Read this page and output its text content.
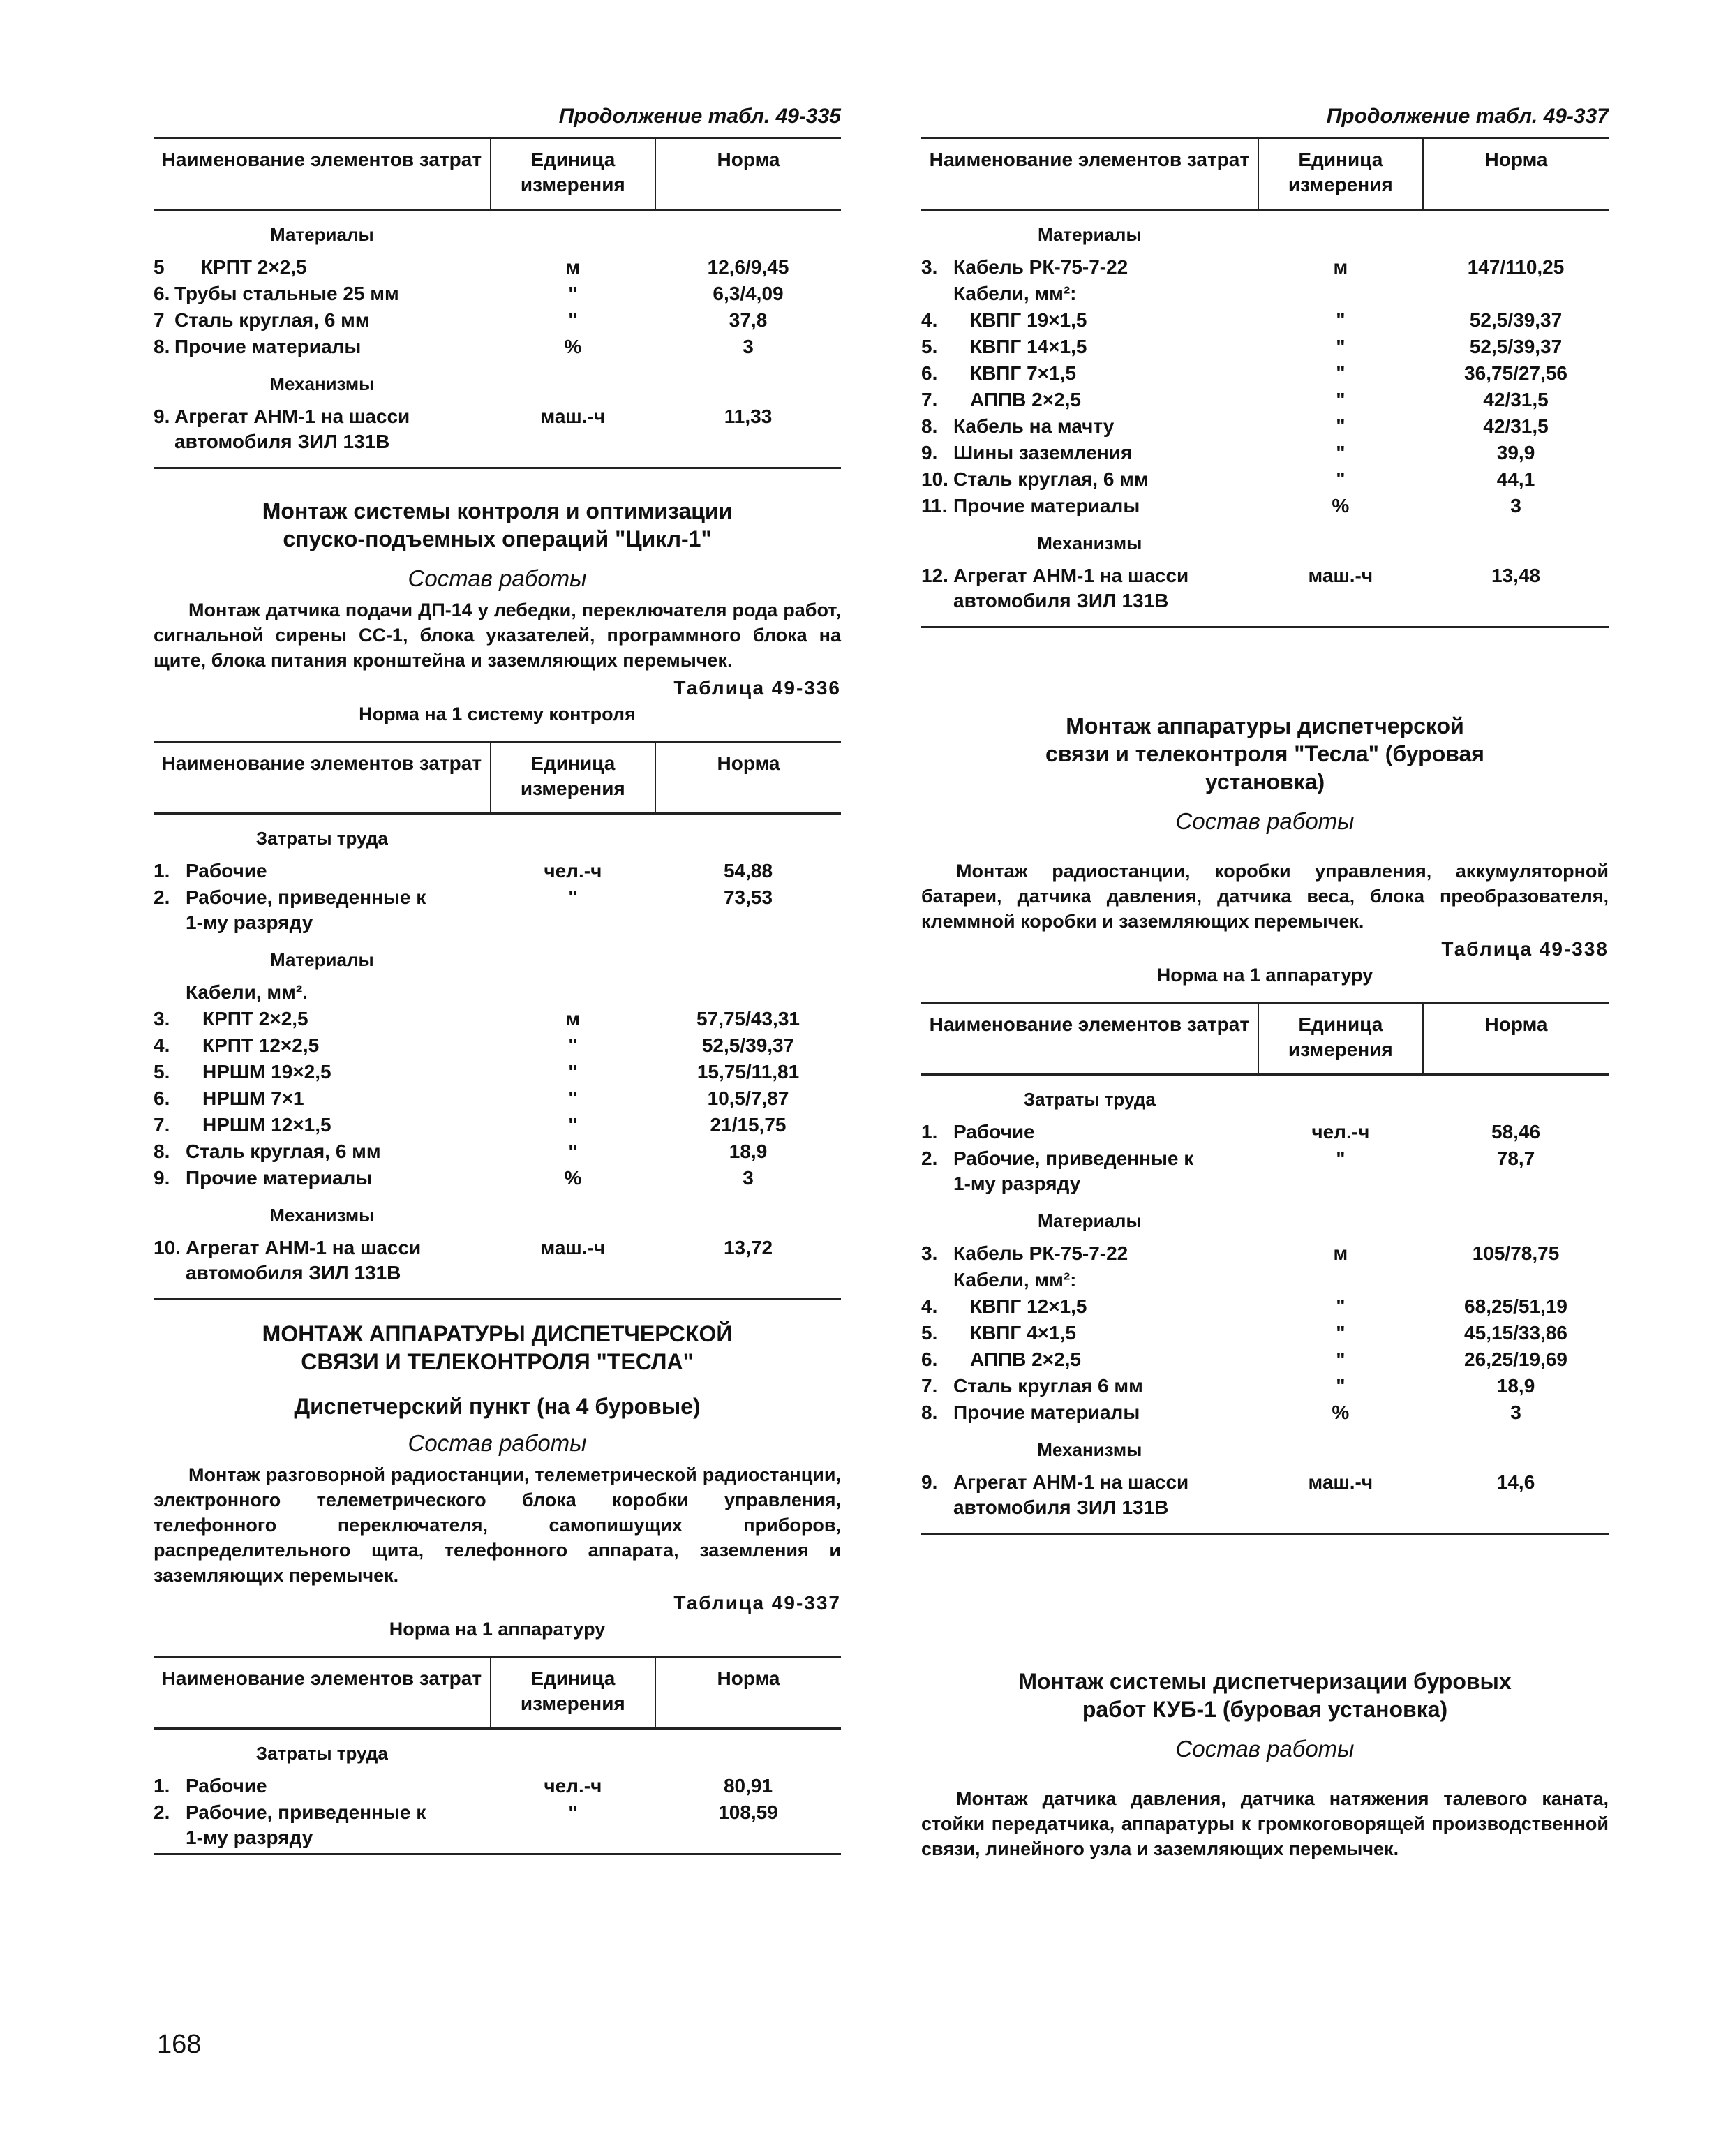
Продолжение табл. 49-335
Наименование элементов затрат	Единица измерения	Норма
Материалы		
5 КРПТ 2×2,5	м	12,6/9,45
6. Трубы стальные 25 мм	"	6,3/4,09
7 Сталь круглая, 6 мм	"	37,8
8. Прочие материалы	%	3
Механизмы		
9. Агрегат АНМ-1 на шасси
автомобиля ЗИЛ 131В	маш.-ч	11,33
Монтаж системы контроля и оптимизации спуско-подъемных операций "Цикл-1"
Состав работы
Монтаж датчика подачи ДП-14 у лебедки, переключателя рода работ, сигнальной сирены СС-1, блока указателей, программного блока на щите, блока питания кронштейна и заземляющих перемычек.
Таблица 49-336
Норма на 1 систему контроля
Наименование элементов затрат	Единица измерения	Норма
Затраты труда		
1. Рабочие	чел.-ч	54,88
2. Рабочие, приведенные к
1-му разряду	"	73,53
Материалы		
Кабели, мм².		
3. КРПТ 2×2,5	м	57,75/43,31
4. КРПТ 12×2,5	"	52,5/39,37
5. НРШМ 19×2,5	"	15,75/11,81
6. НРШМ 7×1	"	10,5/7,87
7. НРШМ 12×1,5	"	21/15,75
8. Сталь круглая, 6 мм	"	18,9
9. Прочие материалы	%	3
Механизмы		
10. Агрегат АНМ-1 на шасси
автомобиля ЗИЛ 131В	маш.-ч	13,72
МОНТАЖ АППАРАТУРЫ ДИСПЕТЧЕРСКОЙ СВЯЗИ И ТЕЛЕКОНТРОЛЯ "ТЕСЛА"
Диспетчерский пункт (на 4 буровые)
Состав работы
Монтаж разговорной радиостанции, телеметрической радиостанции, электронного телеметрического блока коробки управления, телефонного переключателя, самопишущих приборов, распределительного щита, телефонного аппарата, заземления и заземляющих перемычек.
Таблица 49-337
Норма на 1 аппаратуру
Наименование элементов затрат	Единица измерения	Норма
Затраты труда		
1. Рабочие	чел.-ч	80,91
2. Рабочие, приведенные к
1-му разряду	"	108,59
Продолжение табл. 49-337
Наименование элементов затрат	Единица измерения	Норма
Материалы		
3. Кабель РК-75-7-22	м	147/110,25
Кабели, мм²:		
4. КВПГ 19×1,5	"	52,5/39,37
5. КВПГ 14×1,5	"	52,5/39,37
6. КВПГ 7×1,5	"	36,75/27,56
7. АППВ 2×2,5	"	42/31,5
8. Кабель на мачту	"	42/31,5
9. Шины заземления	"	39,9
10. Сталь круглая, 6 мм	"	44,1
11. Прочие материалы	%	3
Механизмы		
12. Агрегат АНМ-1 на шасси
автомобиля ЗИЛ 131В	маш.-ч	13,48
Монтаж аппаратуры диспетчерской связи и телеконтроля "Тесла" (буровая установка)
Состав работы
Монтаж радиостанции, коробки управления, аккумуляторной батареи, датчика давления, датчика веса, блока преобразователя, клеммной коробки и заземляющих перемычек.
Таблица 49-338
Норма на 1 аппаратуру
Наименование элементов затрат	Единица измерения	Норма
Затраты труда		
1. Рабочие	чел.-ч	58,46
2. Рабочие, приведенные к
1-му разряду	"	78,7
Материалы		
3. Кабель РК-75-7-22	м	105/78,75
Кабели, мм²:		
4. КВПГ 12×1,5	"	68,25/51,19
5. КВПГ 4×1,5	"	45,15/33,86
6. АППВ 2×2,5	"	26,25/19,69
7. Сталь круглая 6 мм	"	18,9
8. Прочие материалы	%	3
Механизмы		
9. Агрегат АНМ-1 на шасси
автомобиля ЗИЛ 131В	маш.-ч	14,6
Монтаж системы диспетчеризации буровых работ КУБ-1 (буровая установка)
Состав работы
Монтаж датчика давления, датчика натяжения талевого каната, стойки передатчика, аппаратуры к громкоговорящей производственной связи, линейного узла и заземляющих перемычек.
168
